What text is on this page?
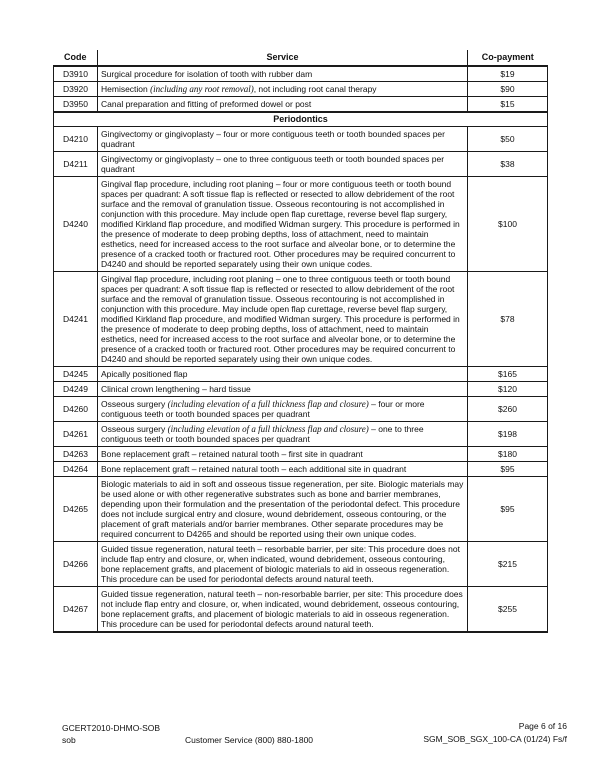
Code	Service	Co-payment
D3910	Surgical procedure for isolation of tooth with rubber dam	$19
D3920	Hemisection (including any root removal), not including root canal therapy	$90
D3950	Canal preparation and fitting of preformed dowel or post	$15
Periodontics		
D4210	Gingivectomy or gingivoplasty – four or more contiguous teeth or tooth bounded spaces per quadrant	$50
D4211	Gingivectomy or gingivoplasty – one to three contiguous teeth or tooth bounded spaces per quadrant	$38
D4240	Gingival flap procedure, including root planing – four or more contiguous teeth or tooth bound spaces per quadrant: A soft tissue flap is reflected or resected to allow debridement of the root surface and the removal of granulation tissue. Osseous recontouring is not accomplished in conjunction with this procedure. May include open flap curettage, reverse bevel flap surgery, modified Kirkland flap procedure, and modified Widman surgery. This procedure is performed in the presence of moderate to deep probing depths, loss of attachment, need to maintain esthetics, need for increased access to the root surface and alveolar bone, or to determine the presence of a cracked tooth or fractured root. Other procedures may be required concurrent to D4240 and should be reported separately using their own unique codes.	$100
D4241	Gingival flap procedure, including root planing – one to three contiguous teeth or tooth bound spaces per quadrant: A soft tissue flap is reflected or resected to allow debridement of the root surface and the removal of granulation tissue. Osseous recontouring is not accomplished in conjunction with this procedure. May include open flap curettage, reverse bevel flap surgery, modified Kirkland flap procedure, and modified Widman surgery. This procedure is performed in the presence of moderate to deep probing depths, loss of attachment, need to maintain esthetics, need for increased access to the root surface and alveolar bone, or to determine the presence of a cracked tooth or fractured root. Other procedures may be required concurrent to D4240 and should be reported separately using their own unique codes.	$78
D4245	Apically positioned flap	$165
D4249	Clinical crown lengthening – hard tissue	$120
D4260	Osseous surgery (including elevation of a full thickness flap and closure) – four or more contiguous teeth or tooth bounded spaces per quadrant	$260
D4261	Osseous surgery (including elevation of a full thickness flap and closure) – one to three contiguous teeth or tooth bounded spaces per quadrant	$198
D4263	Bone replacement graft – retained natural tooth – first site in quadrant	$180
D4264	Bone replacement graft – retained natural tooth – each additional site in quadrant	$95
D4265	Biologic materials to aid in soft and osseous tissue regeneration, per site. Biologic materials may be used alone or with other regenerative substrates such as bone and barrier membranes, depending upon their formulation and the presentation of the periodontal defect. This procedure does not include surgical entry and closure, wound debridement, osseous contouring, or the placement of graft materials and/or barrier membranes. Other separate procedures may be required concurrent to D4265 and should be reported using their own unique codes.	$95
D4266	Guided tissue regeneration, natural teeth – resorbable barrier, per site: This procedure does not include flap entry and closure, or, when indicated, wound debridement, osseous contouring, bone replacement grafts, and placement of biologic materials to aid in osseous regeneration. This procedure can be used for periodontal defects around natural teeth.	$215
D4267	Guided tissue regeneration, natural teeth – non-resorbable barrier, per site: This procedure does not include flap entry and closure, or, when indicated, wound debridement, osseous contouring, bone replacement grafts, and placement of biologic materials to aid in osseous regeneration. This procedure can be used for periodontal defects around natural teeth.	$255
GCERT2010-DHMO-SOB
sob	Customer Service (800) 880-1800
Page 6 of 16
SGM_SOB_SGX_100-CA (01/24) Fs/f
